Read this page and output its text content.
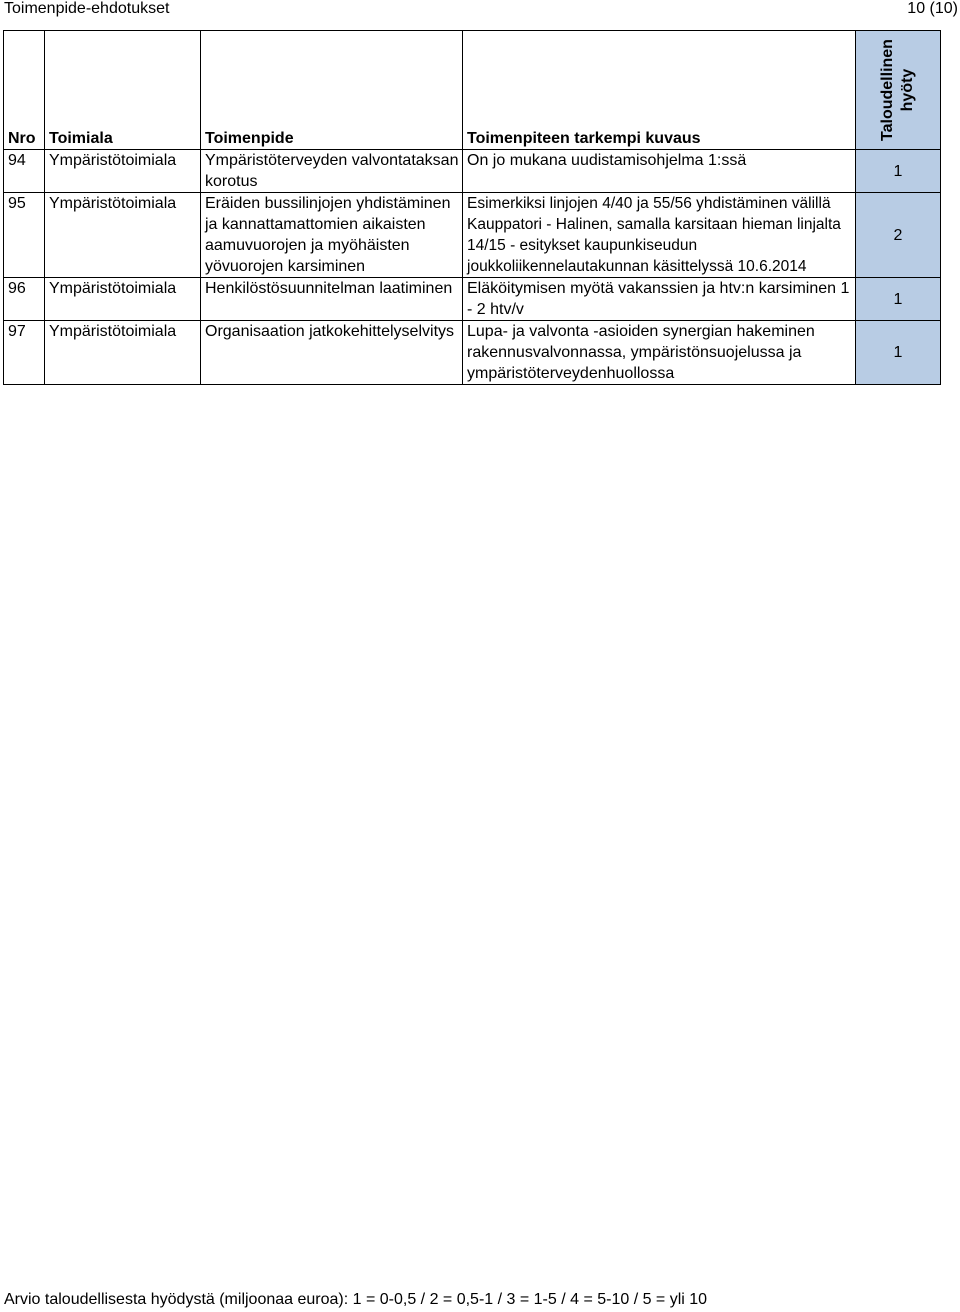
Toimenpide-ehdotukset	10 (10)
Nro	Toimiala	Toimenpide	Toimenpiteen tarkempi kuvaus	Taloudellinen hyöty

94	Ympäristötoimiala	Ympäristöterveyden valvontataksan korotus	On jo mukana uudistamisohjelma 1:ssä	1
95	Ympäristötoimiala	Eräiden bussilinjojen yhdistäminen ja kannattamattomien aikaisten aamuvuorojen ja myöhäisten yövuorojen karsiminen	Esimerkiksi linjojen 4/40 ja 55/56 yhdistäminen välillä Kauppatori - Halinen, samalla karsitaan hieman linjalta 14/15 - esitykset kaupunkiseudun joukkoliikennelautakunnan käsittelyssä 10.6.2014	2
96	Ympäristötoimiala	Henkilöstösuunnitelman laatiminen	Eläköitymisen myötä vakanssien ja htv:n karsiminen 1 - 2 htv/v	1
97	Ympäristötoimiala	Organisaation jatkokehittelyselvitys	Lupa- ja valvonta -asioiden synergian hakeminen rakennusvalvonnassa, ympäristönsuojelussa ja ympäristöterveydenhuollossa	1
Arvio taloudellisesta hyödystä (miljoonaa euroa): 1 = 0-0,5 / 2 = 0,5-1 / 3 = 1-5 / 4 = 5-10 / 5 = yli 10
